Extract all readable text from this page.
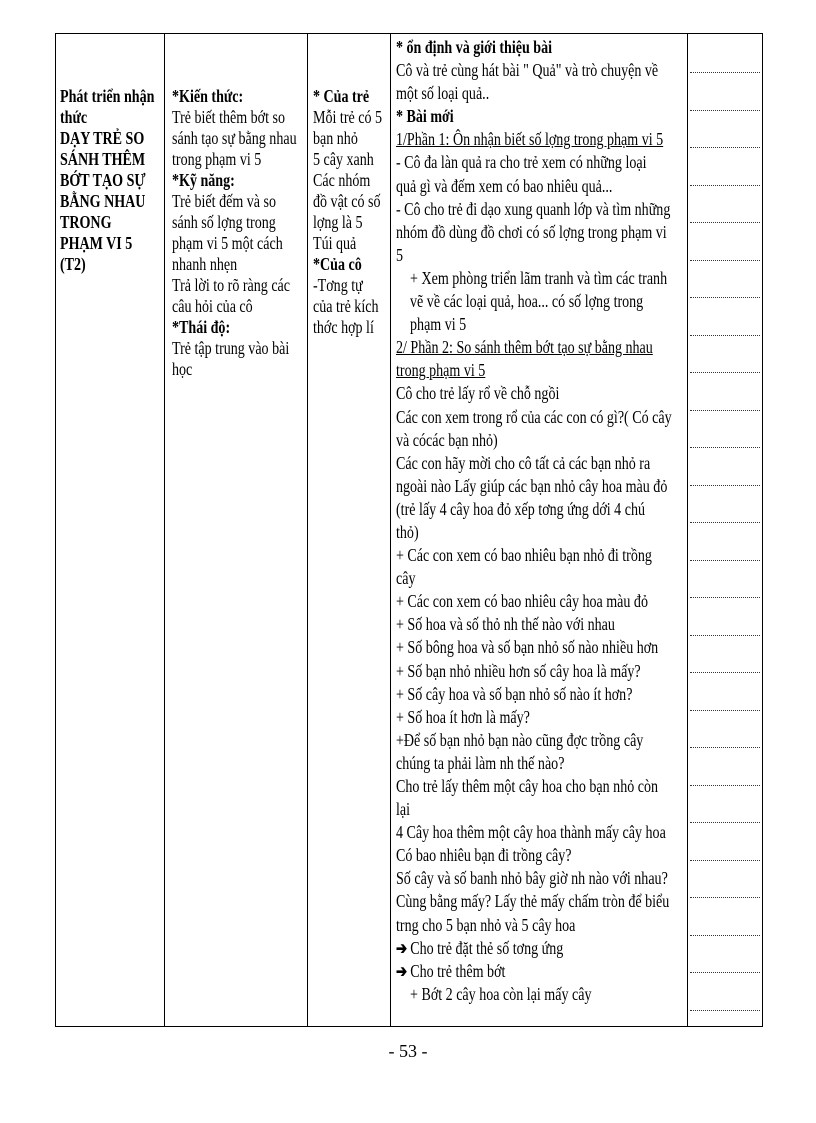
Phát triển nhận
thức
DẠY TRẺ SO
SÁNH THÊM
BỚT TẠO SỰ
BẰNG NHAU
TRONG
PHẠM VI 5
(T2)
*Kiến thức:
Trẻ biết thêm bớt so
sánh tạo sự bằng nhau
trong phạm vi 5
*Kỹ năng:
Trẻ biết đếm và so
sánh số lợng trong
phạm vi 5 một cách
nhanh nhẹn
Trả lời to rõ ràng các
câu hỏi của cô
*Thái độ:
Trẻ tập trung vào bài
học
* Của trẻ
Mỗi trẻ có 5
bạn nhỏ
5 cây xanh
Các nhóm
đồ vật có số
lợng là 5
Túi quả
*Của cô
-Tơng tự
của trẻ kích
thớc hợp lí
* ổn định và giới thiệu bài
Cô và trẻ cùng hát bài " Quả" và trò chuyện về
một số loại quả..
* Bài mới
1/Phần 1: Ôn nhận biết số lợng trong phạm vi 5
- Cô đa làn quả ra cho trẻ xem có những loại
quả gì và đếm xem có bao nhiêu quả...
- Cô cho trẻ đi dạo xung quanh lớp và tìm những
nhóm đồ dùng đồ chơi có số lợng trong phạm vi
5
+ Xem phòng triển lãm tranh và tìm các tranh
vẽ về các loại quả, hoa... có số lợng trong
phạm vi 5
2/ Phần 2: So sánh thêm bớt tạo sự bằng nhau
trong phạm vi 5
Cô cho trẻ lấy rổ về chỗ ngồi
Các con xem trong rổ của các con có gì?( Có cây
và cócác bạn nhỏ)
Các con hãy mời cho cô tất cả các bạn nhỏ ra
ngoài nào Lấy giúp các bạn nhỏ cây hoa màu đỏ
(trẻ lấy 4 cây hoa đỏ xếp tơng ứng dới 4 chú
thỏ)
+ Các con xem có bao nhiêu bạn nhỏ đi trồng
cây
+ Các con xem có bao nhiêu cây hoa màu đỏ
+ Số hoa và số thỏ nh thế nào với nhau
+ Số bông hoa và số bạn nhỏ số nào nhiều hơn
+ Số bạn nhỏ nhiều hơn số cây hoa là mấy?
+ Số cây hoa và số bạn nhỏ số nào ít hơn?
+ Số hoa ít hơn là mấy?
+Để số bạn nhỏ bạn nào cũng đợc trồng cây
chúng ta phải làm nh thế nào?
Cho trẻ lấy thêm một cây hoa cho bạn nhỏ còn
lại
4 Cây hoa thêm một cây hoa thành mấy cây hoa
Có bao nhiêu bạn đi trồng cây?
Số cây và số banh nhỏ bây giờ nh nào với nhau?
Cùng bằng mấy? Lấy thẻ mấy chấm tròn để biểu
trng cho 5 bạn nhỏ và 5 cây hoa
➔ Cho trẻ đặt thẻ số tơng ứng
➔ Cho trẻ thêm bớt
+ Bớt 2 cây hoa còn lại mấy cây
- 53 -
